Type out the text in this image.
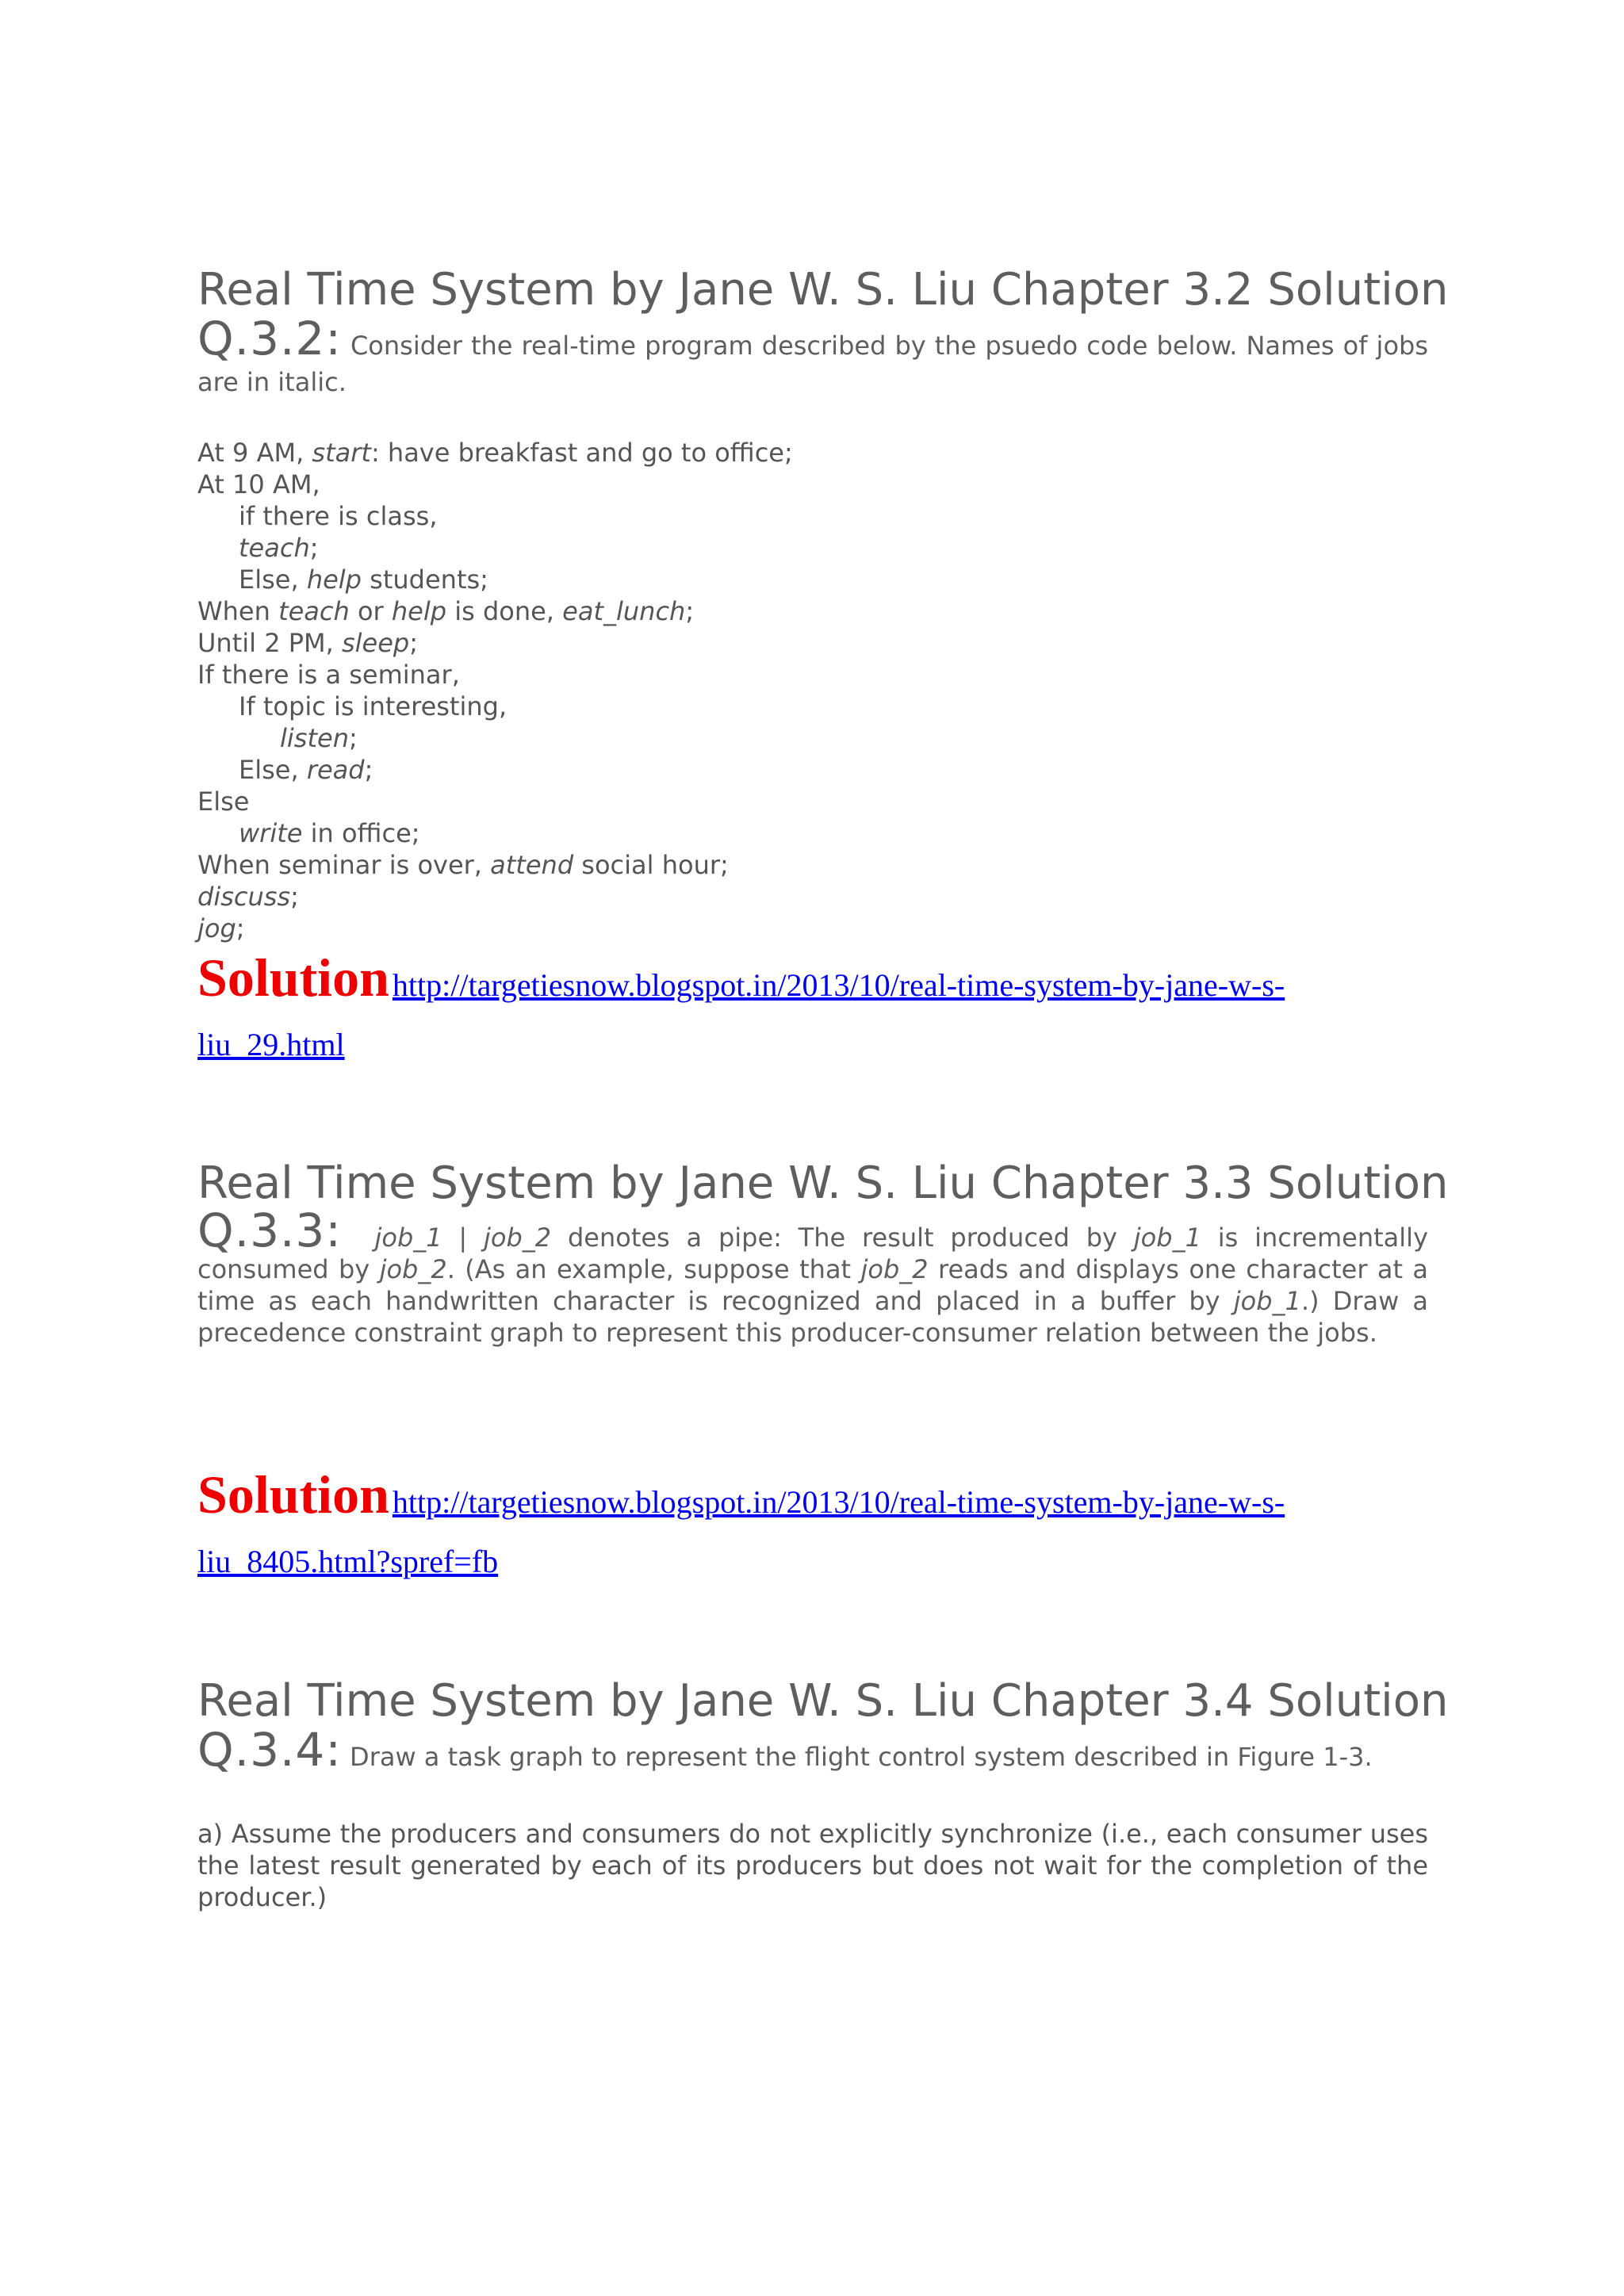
Real Time System by Jane W. S. Liu Chapter 3.2 Solution

Q.3.2: Consider the real-time program described by the psuedo code below. Names of jobs are in italic.

At 9 AM, start: have breakfast and go to office;
At 10 AM,
if there is class,
teach;
Else, help students;
When teach or help is done, eat_lunch;
Until 2 PM, sleep;
If there is a seminar,
If topic is interesting,
listen;
Else, read;
Else
write in office;
When seminar is over, attend social hour;
discuss;
jog;

Solution http://targetiesnow.blogspot.in/2013/10/real-time-system-by-jane-w-s-
liu_29.html

Real Time System by Jane W. S. Liu Chapter 3.3 Solution

Q.3.3: job_1 | job_2 denotes a pipe: The result produced by job_1 is incrementally consumed by job_2. (As an example, suppose that job_2 reads and displays one character at a time as each handwritten character is recognized and placed in a buffer by job_1.) Draw a precedence constraint graph to represent this producer-consumer relation between the jobs.

Solution http://targetiesnow.blogspot.in/2013/10/real-time-system-by-jane-w-s-
liu_8405.html?spref=fb

Real Time System by Jane W. S. Liu Chapter 3.4 Solution

Q.3.4: Draw a task graph to represent the flight control system described in Figure 1-3.

a) Assume the producers and consumers do not explicitly synchronize (i.e., each consumer uses the latest result generated by each of its producers but does not wait for the completion of the producer.)
